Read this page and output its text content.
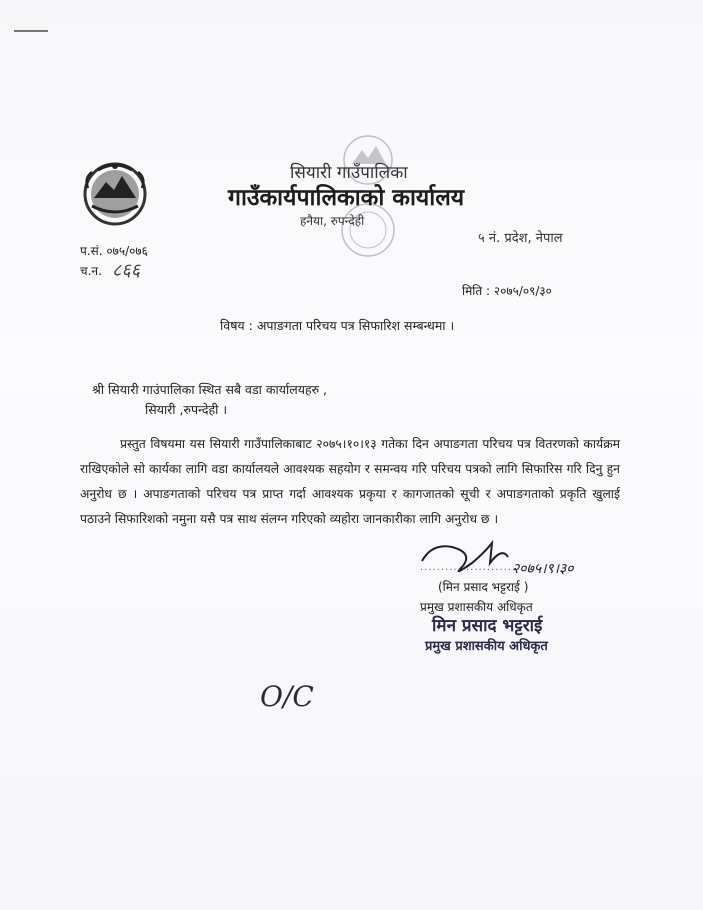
सियारी गाउँपालिका
गाउँकार्यपालिकाको कार्यालय
हनैया, रुपन्देही
५ नं. प्रदेश, नेपाल
प.सं. ०७५/०७६
च.न. ८६६
मिति : २०७५/०९/३०
विषय : अपाङगता परिचय पत्र सिफारिश सम्बन्धमा ।
श्री सियारी गाउंपालिका स्थित सबै वडा कार्यालयहरु ,
सियारी ,रुपन्देही ।

प्रस्तुत विषयमा यस सियारी गाउँपालिकाबाट २०७५।१०।१३ गतेका दिन अपाङगता परिचय पत्र वितरणको कार्यक्रम राखिएकोले सो कार्यका लागि वडा कार्यालयले आवश्यक सहयोग र समन्वय गरि परिचय पत्रको लागि सिफारिस गरि दिनु हुन अनुरोध छ । अपाङगताको परिचय पत्र प्राप्त गर्दा आवश्यक प्रकृया र कागजातको सूची र अपाङगताको प्रकृति खुलाई पठाउने सिफारिशको नमुना यसै पत्र साथ संलग्न गरिएको व्यहोरा जानकारीका लागि अनुरोध छ ।

२०७५।९।३०
...........................
(मिन प्रसाद भट्टराई )
प्रमुख प्रशासकीय अधिकृत
मिन प्रसाद भट्टराई
प्रमुख प्रशासकीय अधिकृत
O/C
